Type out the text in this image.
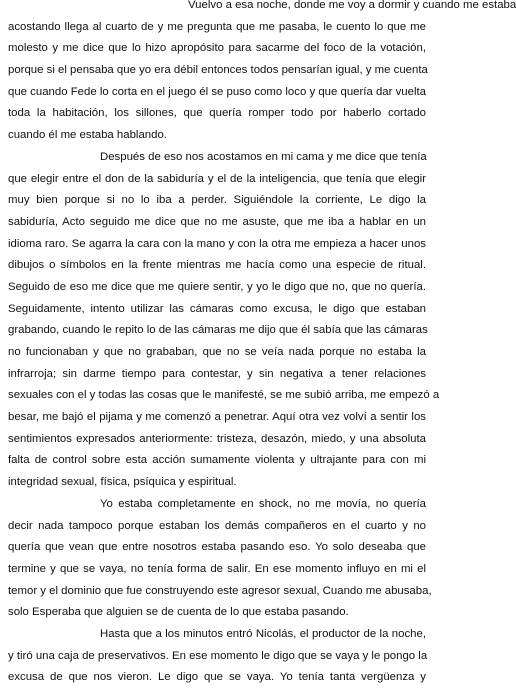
Vuelvo a esa noche, donde me voy a dormir y cuando me estaba
acostando llega al cuarto de y me pregunta que me pasaba, le cuento lo que me
molesto y me dice que lo hizo apropósito para sacarme del foco de la votación,
porque si el pensaba que yo era débil entonces todos pensarían igual, y me cuenta
que cuando Fede lo corta en el juego él se puso como loco y que quería dar vuelta
toda la habitación, los sillones, que quería romper todo por haberlo cortado
cuando él me estaba hablando.

Después de eso nos acostamos en mi cama y me dice que tenía
que elegir entre el don de la sabiduría y el de la inteligencia, que tenía que elegir
muy bien porque si no lo iba a perder. Siguiéndole la corriente, Le digo la
sabiduría, Acto seguido me dice que no me asuste, que me iba a hablar en un
idioma raro. Se agarra la cara con la mano y con la otra me empieza a hacer unos
dibujos o símbolos en la frente mientras me hacía como una especie de ritual.
Seguido de eso me dice que me quiere sentir, y yo le digo que no, que no quería.
Seguidamente, intento utilizar las cámaras como excusa, le digo que estaban
grabando, cuando le repito lo de las cámaras me dijo que él sabía que las cámaras
no funcionaban y que no grababan, que no se veía nada porque no estaba la
infrarroja; sin darme tiempo para contestar, y sin negativa a tener relaciones
sexuales con el y todas las cosas que le manifesté, se me subió arriba, me empezó a
besar, me bajó el pijama y me comenzó a penetrar. Aquí otra vez volví a sentir los
sentimientos expresados anteriormente: tristeza, desazón, miedo, y una absoluta
falta de control sobre esta acción sumamente violenta y ultrajante para con mi
integridad sexual, física, psíquica y espiritual.

Yo estaba completamente en shock, no me movía, no quería
decir nada tampoco porque estaban los demás compañeros en el cuarto y no
quería que vean que entre nosotros estaba pasando eso. Yo solo deseaba que
termine y que se vaya, no tenía forma de salir. En ese momento influyo en mi el
temor y el dominio que fue construyendo este agresor sexual, Cuando me abusaba,
solo Esperaba que alguien se de cuenta de lo que estaba pasando.

Hasta que a los minutos entró Nicolás, el productor de la noche,
y tiró una caja de preservativos. En ese momento le digo que se vaya y le pongo la
excusa de que nos vieron. Le digo que se vaya. Yo tenía tanta vergüenza y
